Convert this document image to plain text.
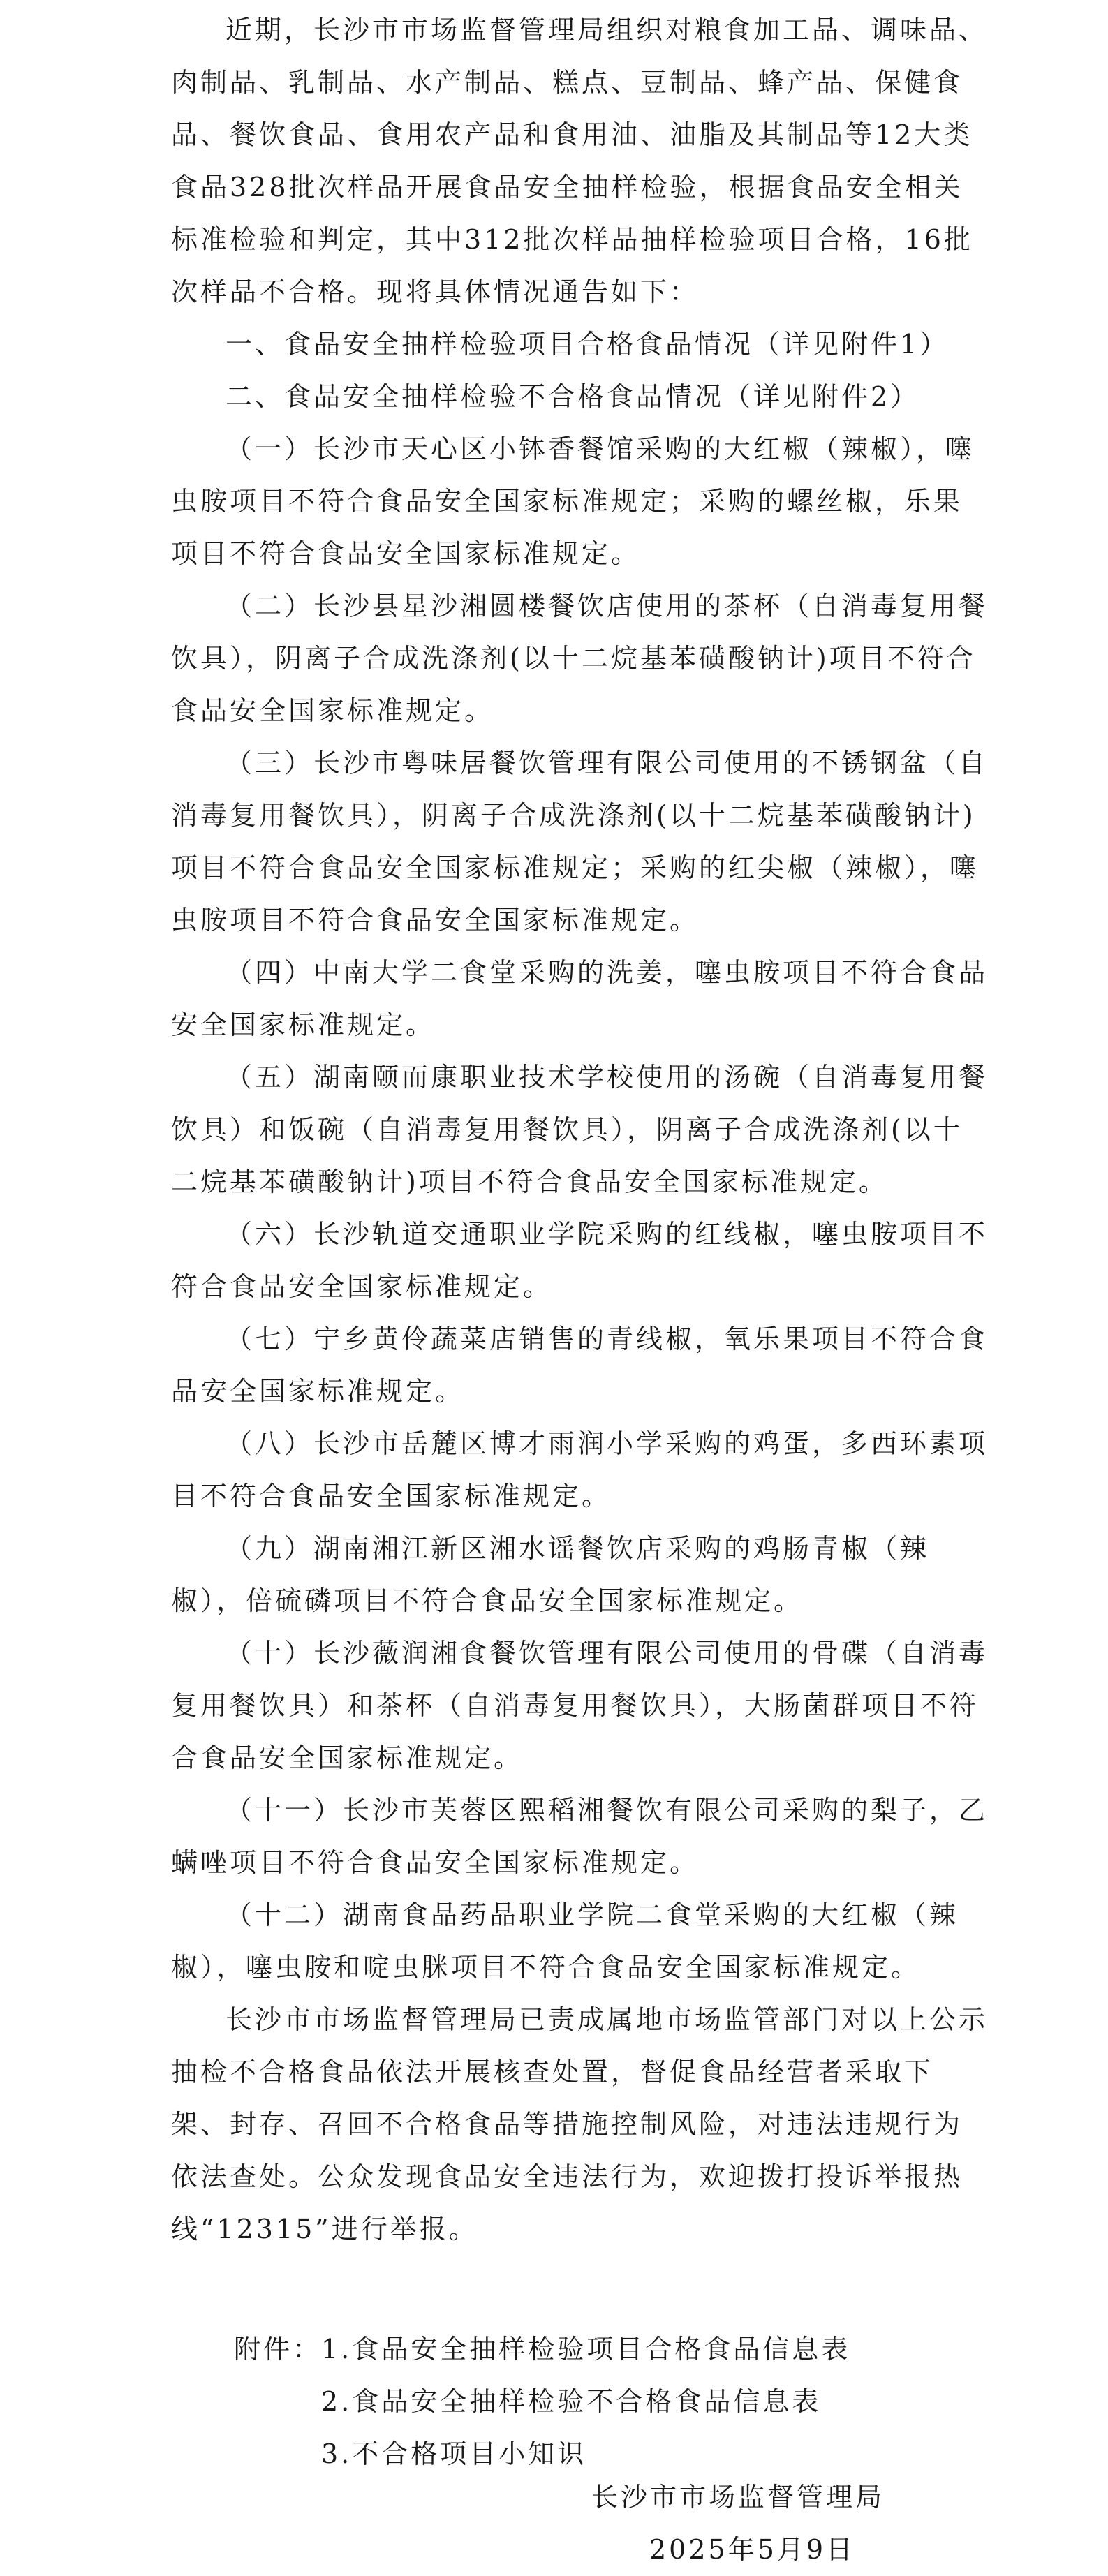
近期，长沙市市场监督管理局组织对粮食加工品、调味品、肉制品、乳制品、水产制品、糕点、豆制品、蜂产品、保健食品、餐饮食品、食用农产品和食用油、油脂及其制品等12大类食品328批次样品开展食品安全抽样检验，根据食品安全相关标准检验和判定，其中312批次样品抽样检验项目合格，16批次样品不合格。现将具体情况通告如下：

一、食品安全抽样检验项目合格食品情况（详见附件1）

二、食品安全抽样检验不合格食品情况（详见附件2）

（一）长沙市天心区小钵香餐馆采购的大红椒（辣椒），噻虫胺项目不符合食品安全国家标准规定；采购的螺丝椒，乐果项目不符合食品安全国家标准规定。

（二）长沙县星沙湘圆楼餐饮店使用的茶杯（自消毒复用餐饮具），阴离子合成洗涤剂(以十二烷基苯磺酸钠计)项目不符合食品安全国家标准规定。

（三）长沙市粤味居餐饮管理有限公司使用的不锈钢盆（自消毒复用餐饮具），阴离子合成洗涤剂(以十二烷基苯磺酸钠计)项目不符合食品安全国家标准规定；采购的红尖椒（辣椒），噻虫胺项目不符合食品安全国家标准规定。

（四）中南大学二食堂采购的洗姜，噻虫胺项目不符合食品安全国家标准规定。

（五）湖南颐而康职业技术学校使用的汤碗（自消毒复用餐饮具）和饭碗（自消毒复用餐饮具），阴离子合成洗涤剂(以十二烷基苯磺酸钠计)项目不符合食品安全国家标准规定。

（六）长沙轨道交通职业学院采购的红线椒，噻虫胺项目不符合食品安全国家标准规定。

（七）宁乡黄伶蔬菜店销售的青线椒，氧乐果项目不符合食品安全国家标准规定。

（八）长沙市岳麓区博才雨润小学采购的鸡蛋，多西环素项目不符合食品安全国家标准规定。

（九）湖南湘江新区湘水谣餐饮店采购的鸡肠青椒（辣椒），倍硫磷项目不符合食品安全国家标准规定。

（十）长沙薇润湘食餐饮管理有限公司使用的骨碟（自消毒复用餐饮具）和茶杯（自消毒复用餐饮具），大肠菌群项目不符合食品安全国家标准规定。

（十一）长沙市芙蓉区熙稻湘餐饮有限公司采购的梨子，乙螨唑项目不符合食品安全国家标准规定。

（十二）湖南食品药品职业学院二食堂采购的大红椒（辣椒），噻虫胺和啶虫脒项目不符合食品安全国家标准规定。

长沙市市场监督管理局已责成属地市场监管部门对以上公示抽检不合格食品依法开展核查处置，督促食品经营者采取下架、封存、召回不合格食品等措施控制风险，对违法违规行为依法查处。公众发现食品安全违法行为，欢迎拨打投诉举报热线“12315”进行举报。

附件：
1.食品安全抽样检验项目合格食品信息表
2.食品安全抽样检验不合格食品信息表
3.不合格项目小知识
长沙市市场监督管理局
2025年5月9日
